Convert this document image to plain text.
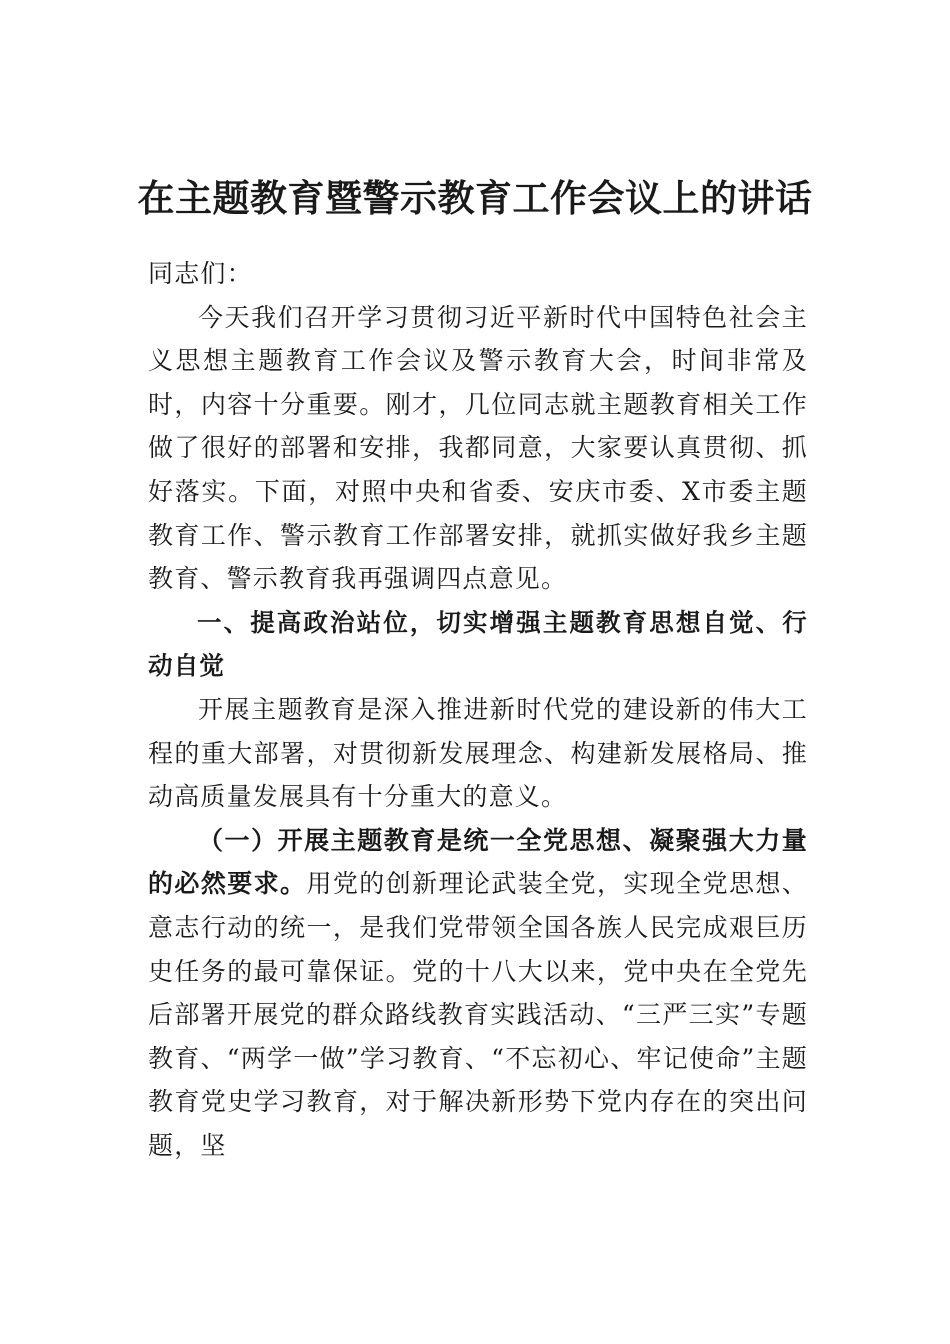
在主题教育暨警示教育工作会议上的讲话

同志们：

今天我们召开学习贯彻习近平新时代中国特色社会主义思想主题教育工作会议及警示教育大会，时间非常及时，内容十分重要。刚才，几位同志就主题教育相关工作做了很好的部署和安排，我都同意，大家要认真贯彻、抓好落实。下面，对照中央和省委、安庆市委、X市委主题教育工作、警示教育工作部署安排，就抓实做好我乡主题教育、警示教育我再强调四点意见。

一、提高政治站位，切实增强主题教育思想自觉、行动自觉

开展主题教育是深入推进新时代党的建设新的伟大工程的重大部署，对贯彻新发展理念、构建新发展格局、推动高质量发展具有十分重大的意义。

（一）开展主题教育是统一全党思想、凝聚强大力量的必然要求。用党的创新理论武装全党，实现全党思想、意志行动的统一，是我们党带领全国各族人民完成艰巨历史任务的最可靠保证。党的十八大以来，党中央在全党先后部署开展党的群众路线教育实践活动、“三严三实”专题教育、“两学一做”学习教育、“不忘初心、牢记使命”主题教育党史学习教育，对于解决新形势下党内存在的突出问题，坚
